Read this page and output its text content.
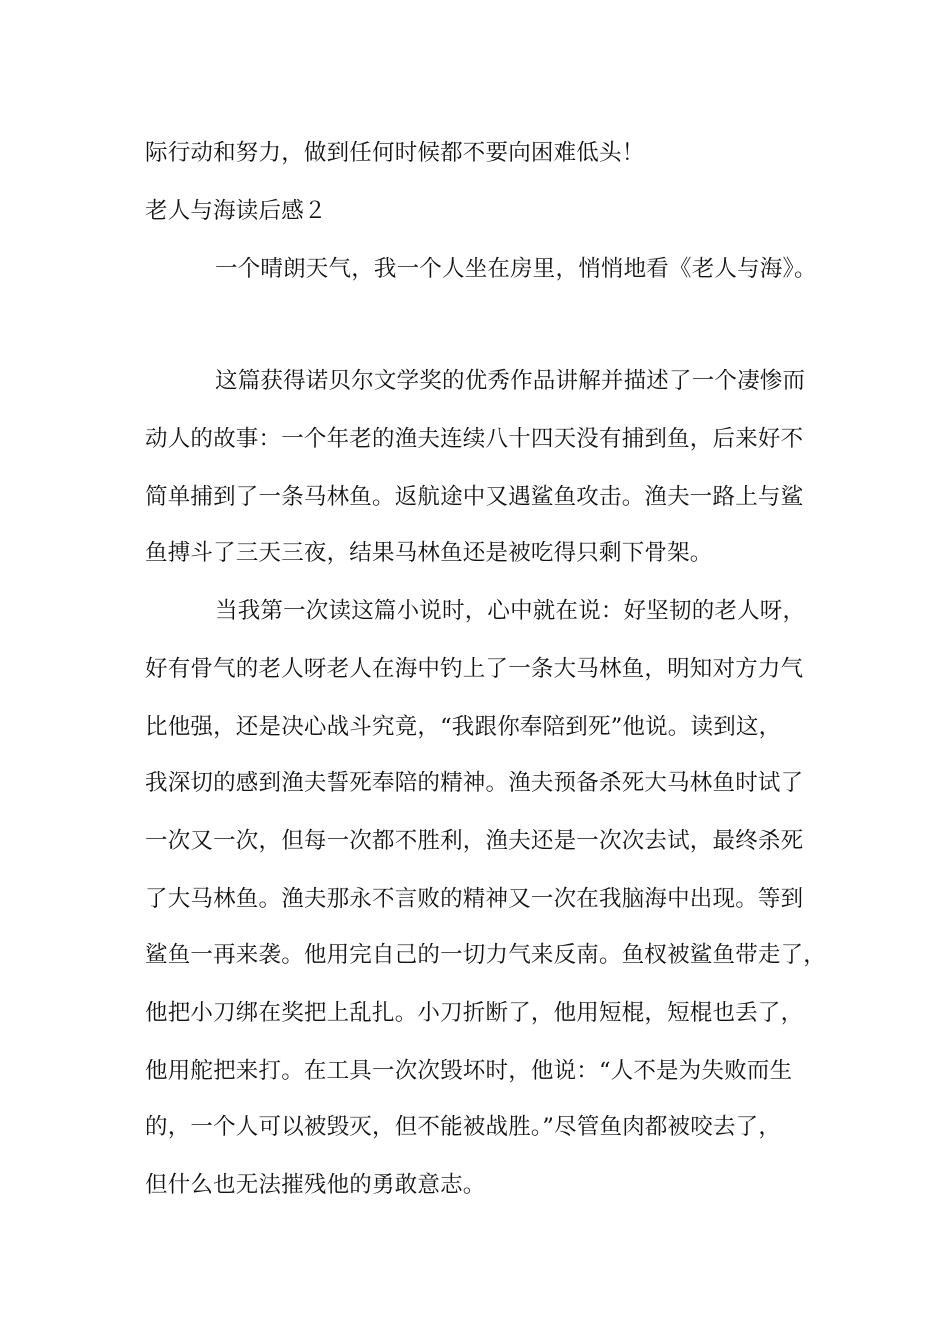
际行动和努力，做到任何时候都不要向困难低头！
老人与海读后感２
一个晴朗天气，我一个人坐在房里，悄悄地看《老人与海》。
这篇获得诺贝尔文学奖的优秀作品讲解并描述了一个凄惨而
动人的故事：一个年老的渔夫连续八十四天没有捕到鱼，后来好不
简单捕到了一条马林鱼。返航途中又遇鲨鱼攻击。渔夫一路上与鲨
鱼搏斗了三天三夜，结果马林鱼还是被吃得只剩下骨架。
当我第一次读这篇小说时，心中就在说：好坚韧的老人呀，
好有骨气的老人呀老人在海中钓上了一条大马林鱼，明知对方力气
比他强，还是决心战斗究竟，“我跟你奉陪到死”他说。读到这，
我深切的感到渔夫誓死奉陪的精神。渔夫预备杀死大马林鱼时试了
一次又一次，但每一次都不胜利，渔夫还是一次次去试，最终杀死
了大马林鱼。渔夫那永不言败的精神又一次在我脑海中出现。等到
鲨鱼一再来袭。他用完自己的一切力气来反南。鱼杈被鲨鱼带走了，
他把小刀绑在奖把上乱扎。小刀折断了，他用短棍，短棍也丢了，
他用舵把来打。在工具一次次毁坏时，他说：“人不是为失败而生
的，一个人可以被毁灭，但不能被战胜。”尽管鱼肉都被咬去了，
但什么也无法摧残他的勇敢意志。
